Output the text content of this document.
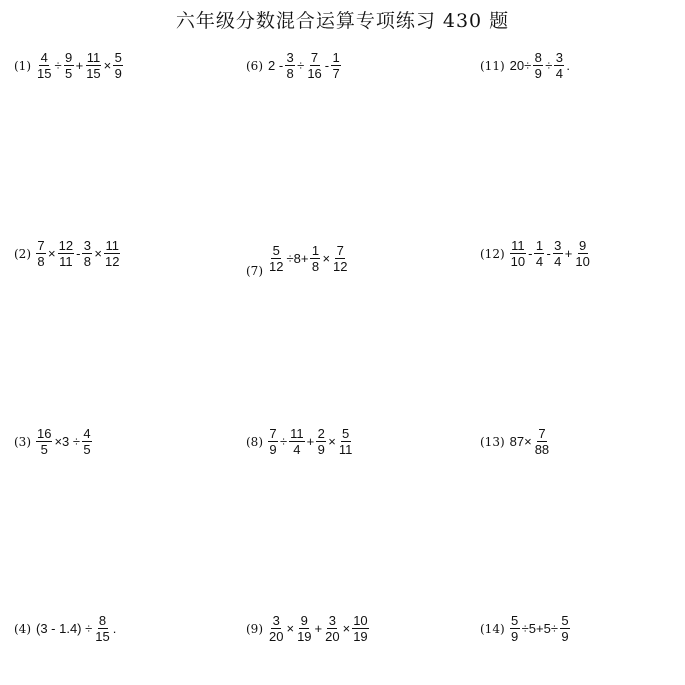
六年级分数混合运算专项练习 430 题
$(1) \frac{4}{15} \div \frac{9}{5} + \frac{11}{15} \times \frac{5}{9}$	(6) $2 - \frac{3}{8} \div \frac{7}{16} - \frac{1}{7}$	(11) $20\div \frac{8}{9} \div \frac{3}{4}$ .
$(2) \frac{7}{8} \times \frac{12}{11} - \frac{3}{8} \times \frac{11}{12}$
$(7) \frac{5}{12} \div 8+ \frac{1}{8} \times \frac{7}{12}$	$(12) \frac{11}{10} - \frac{1}{4} - \frac{3}{4} + \frac{9}{10}$
$(3) \frac{16}{5} \times 3 \div \frac{4}{5}$	$(8) \frac{7}{9} \div \frac{11}{4} + \frac{2}{9} \times \frac{5}{11}$	(13) $87\times \frac{7}{88}$
(4) $(3 - 1.4) \div \frac{8}{15}$ .	$(9) \frac{3}{20} \times \frac{9}{19} + \frac{3}{20} \times \frac{10}{19}$	$(14) \frac{5}{9} \div 5+5\div \frac{5}{9}$
